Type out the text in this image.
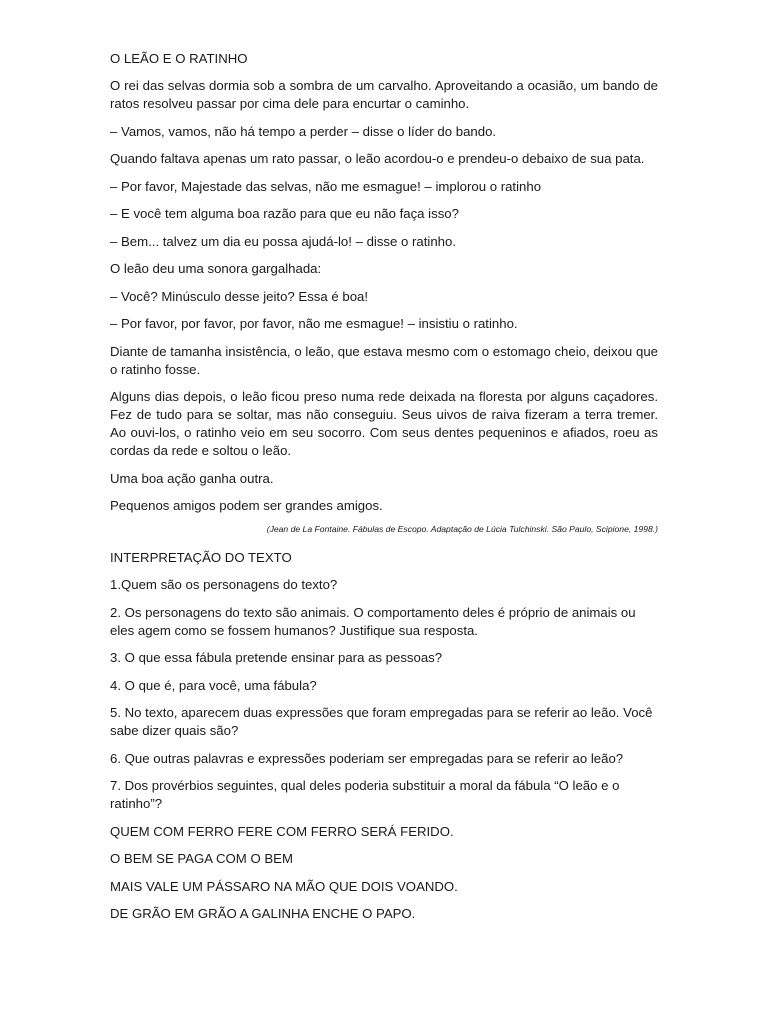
O LEÃO E O RATINHO

O rei das selvas dormia sob a sombra de um carvalho. Aproveitando a ocasião, um bando de ratos resolveu passar por cima dele para encurtar o caminho.

– Vamos, vamos, não há tempo a perder – disse o líder do bando.

Quando faltava apenas um rato passar, o leão acordou-o e prendeu-o debaixo de sua pata.

– Por favor, Majestade das selvas, não me esmague! – implorou o ratinho

– E você tem alguma boa razão para que eu não faça isso?

– Bem... talvez um dia eu possa ajudá-lo! – disse o ratinho.

O leão deu uma sonora gargalhada:

– Você? Minúsculo desse jeito? Essa é boa!

– Por favor, por favor, por favor, não me esmague! – insistiu o ratinho.

Diante de tamanha insistência, o leão, que estava mesmo com o estomago cheio, deixou que o ratinho fosse.

Alguns dias depois, o leão ficou preso numa rede deixada na floresta por alguns caçadores. Fez de tudo para se soltar, mas não conseguiu. Seus uivos de raiva fizeram a terra tremer. Ao ouvi-los, o ratinho veio em seu socorro. Com seus dentes pequeninos e afiados, roeu as cordas da rede e soltou o leão.

Uma boa ação ganha outra.

Pequenos amigos podem ser grandes amigos.

(Jean de La Fontaine. Fábulas de Escopo. Adaptação de Lúcia Tulchinski. São Paulo, Scipione, 1998.)

INTERPRETAÇÃO DO TEXTO

1.Quem são os personagens do texto?

2. Os personagens do texto são animais. O comportamento deles é próprio de animais ou eles agem como se fossem humanos? Justifique sua resposta.

3. O que essa fábula pretende ensinar para as pessoas?

4. O que é, para você, uma fábula?

5. No texto, aparecem duas expressões que foram empregadas para se referir ao leão. Você sabe dizer quais são?

6. Que outras palavras e expressões poderiam ser empregadas para se referir ao leão?

7. Dos provérbios seguintes, qual deles poderia substituir a moral da fábula “O leão e o ratinho”?

QUEM COM FERRO FERE COM FERRO SERÁ FERIDO.

O BEM SE PAGA COM O BEM

MAIS VALE UM PÁSSARO NA MÃO QUE DOIS VOANDO.

DE GRÃO EM GRÃO A GALINHA ENCHE O PAPO.
